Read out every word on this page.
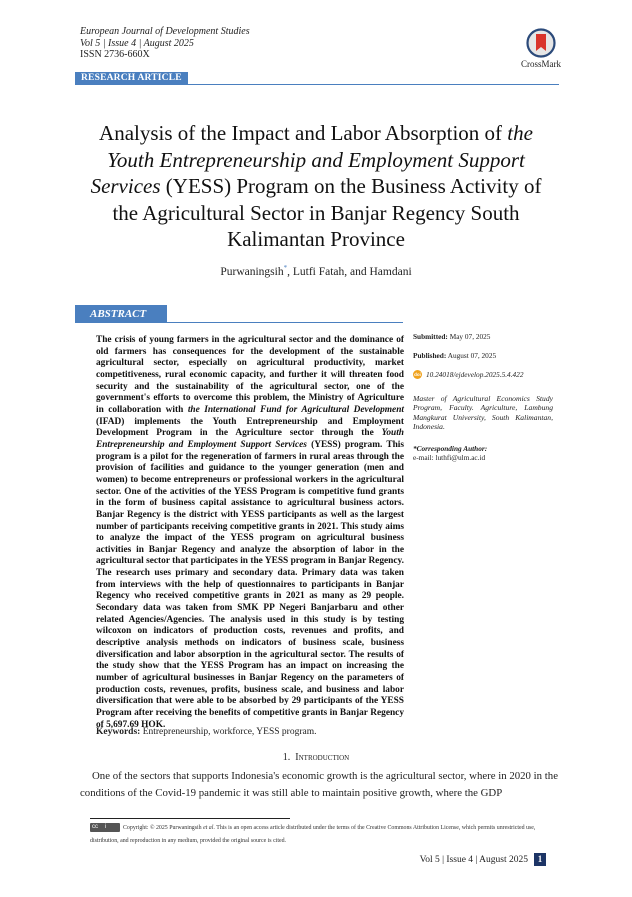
European Journal of Development Studies
Vol 5 | Issue 4 | August 2025
ISSN 2736-660X
CrossMark
RESEARCH ARTICLE
Analysis of the Impact and Labor Absorption of the Youth Entrepreneurship and Employment Support Services (YESS) Program on the Business Activity of the Agricultural Sector in Banjar Regency South Kalimantan Province
Purwaningsih*, Lutfi Fatah, and Hamdani
ABSTRACT
The crisis of young farmers in the agricultural sector and the dominance of old farmers has consequences for the development of the sustainable agricultural sector, especially on agricultural productivity, market competitiveness, rural economic capacity, and further it will threaten food security and the sustainability of the agricultural sector, one of the government's efforts to overcome this problem, the Ministry of Agriculture in collaboration with the International Fund for Agricultural Development (IFAD) implements the Youth Entrepreneurship and Employment Development Program in the Agriculture sector through the Youth Entrepreneurship and Employment Support Services (YESS) program. This program is a pilot for the regeneration of farmers in rural areas through the provision of facilities and guidance to the younger generation (men and women) to become entrepreneurs or professional workers in the agricultural sector. One of the activities of the YESS Program is competitive fund grants in the form of business capital assistance to agricultural business actors. Banjar Regency is the district with YESS participants as well as the largest number of participants receiving competitive grants in 2021. This study aims to analyze the impact of the YESS program on agricultural business activities in Banjar Regency and analyze the absorption of labor in the agricultural sector that participates in the YESS program in Banjar Regency. The research uses primary and secondary data. Primary data was taken from interviews with the help of questionnaires to participants in Banjar Regency who received competitive grants in 2021 as many as 29 people. Secondary data was taken from SMK PP Negeri Banjarbaru and other related Agencies/Agencies. The analysis used in this study is by testing wilcoxon on indicators of production costs, revenues and profits, and descriptive analysis methods on indicators of business scale, business diversification and labor absorption in the agricultural sector. The results of the study show that the YESS Program has an impact on increasing the number of agricultural businesses in Banjar Regency on the parameters of production costs, revenues, profits, business scale, and business and labor diversification that were able to be absorbed by 29 participants of the YESS Program after receiving the benefits of competitive grants in Banjar Regency of 5,697.69 HOK.
Submitted: May 07, 2025
Published: August 07, 2025
doi 10.24018/ejdevelop.2025.5.4.422
Master of Agricultural Economics Study Program, Faculty. Agriculture, Lambung Mangkurat University, South Kalimantan, Indonesia.
*Corresponding Author:
e-mail: luthfi@ulm.ac.id
Keywords: Entrepreneurship, workforce, YESS program.
1. Introduction

One of the sectors that supports Indonesia's economic growth is the agricultural sector, where in 2020 in the conditions of the Covid-19 pandemic it was still able to maintain positive growth, where the GDP

cc iCopyright: © 2025 Purwaningsih et al. This is an open access article distributed under the terms of the Creative Commons Attribution License, which permits unrestricted use, distribution, and reproduction in any medium, provided the original source is cited.
Vol 5 | Issue 4 | August 2025	1
